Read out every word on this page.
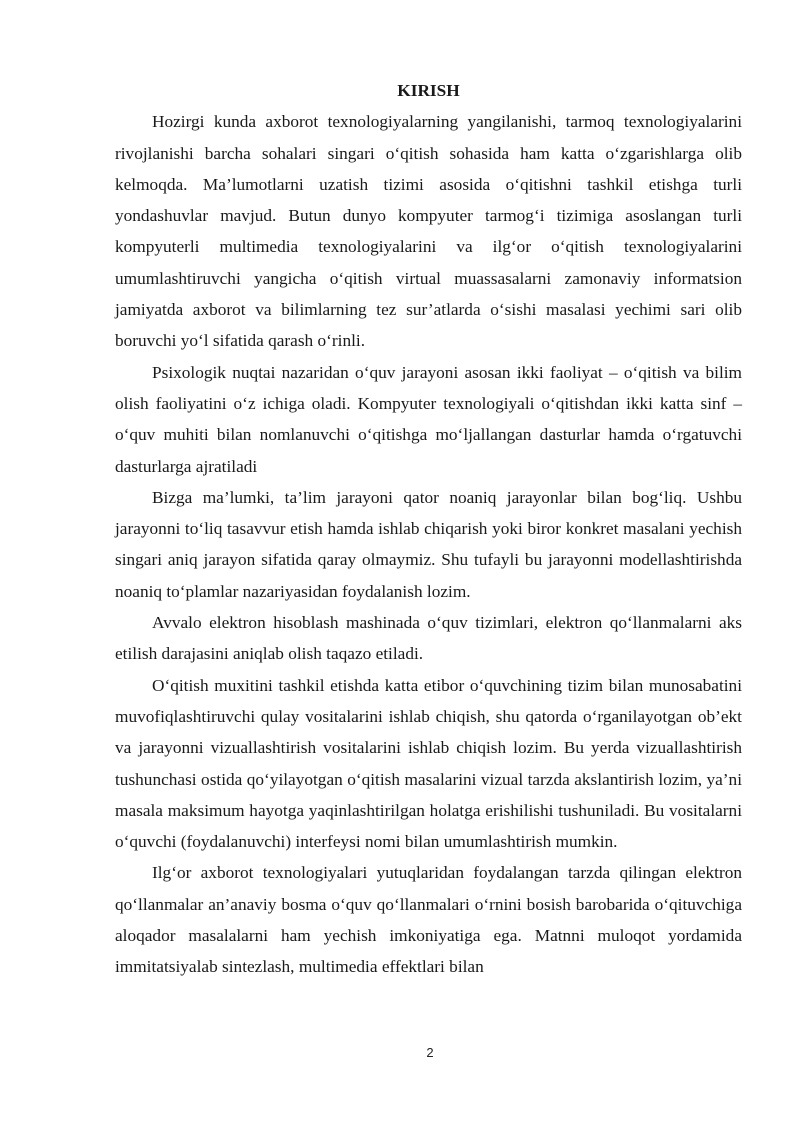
KIRISH

Hozirgi kunda axborot texnologiyalarning yangilanishi, tarmoq texnologiyalarini rivojlanishi barcha sohalari singari o‘qitish sohasida ham katta o‘zgarishlarga olib kelmoqda. Ma’lumotlarni uzatish tizimi asosida o‘qitishni tashkil etishga turli yondashuvlar mavjud. Butun dunyo kompyuter tarmog‘i tizimiga asoslangan turli kompyuterli multimedia texnologiyalarini va ilg‘or o‘qitish texnologiyalarini umumlashtiruvchi yangicha o‘qitish virtual muassasalarni zamonaviy informatsion jamiyatda axborot va bilimlarning tez sur’atlarda o‘sishi masalasi yechimi sari olib boruvchi yo‘l sifatida qarash o‘rinli.

Psixologik nuqtai nazaridan o‘quv jarayoni asosan ikki faoliyat – o‘qitish va bilim olish faoliyatini o‘z ichiga oladi. Kompyuter texnologiyali o‘qitishdan ikki katta sinf – o‘quv muhiti bilan nomlanuvchi o‘qitishga mo‘ljallangan dasturlar hamda o‘rgatuvchi dasturlarga ajratiladi

Bizga ma’lumki, ta’lim jarayoni qator noaniq jarayonlar bilan bog‘liq. Ushbu jarayonni to‘liq tasavvur etish hamda ishlab chiqarish yoki biror konkret masalani yechish singari aniq jarayon sifatida qaray olmaymiz. Shu tufayli bu jarayonni modellashtirishda noaniq to‘plamlar nazariyasidan foydalanish lozim.

Avvalo elektron hisoblash mashinada o‘quv tizimlari, elektron qo‘llanmalarni aks etilish darajasini aniqlab olish taqazo etiladi.

O‘qitish muxitini tashkil etishda katta etibor o‘quvchining tizim bilan munosabatini muvofiqlashtiruvchi qulay vositalarini ishlab chiqish, shu qatorda o‘rganilayotgan ob’ekt va jarayonni vizuallashtirish vositalarini ishlab chiqish lozim. Bu yerda vizuallashtirish tushunchasi ostida qo‘yilayotgan o‘qitish masalarini vizual tarzda akslantirish lozim, ya’ni masala maksimum hayotga yaqinlashtirilgan holatga erishilishi tushuniladi. Bu vositalarni o‘quvchi (foydalanuvchi) interfeysi nomi bilan umumlashtirish mumkin.

Ilg‘or axborot texnologiyalari yutuqlaridan foydalangan tarzda qilingan elektron qo‘llanmalar an’anaviy bosma o‘quv qo‘llanmalari o‘rnini bosish barobarida o‘qituvchiga aloqador masalalarni ham yechish imkoniyatiga ega. Matnni muloqot yordamida immitatsiyalab sintezlash, multimedia effektlari bilan

2
